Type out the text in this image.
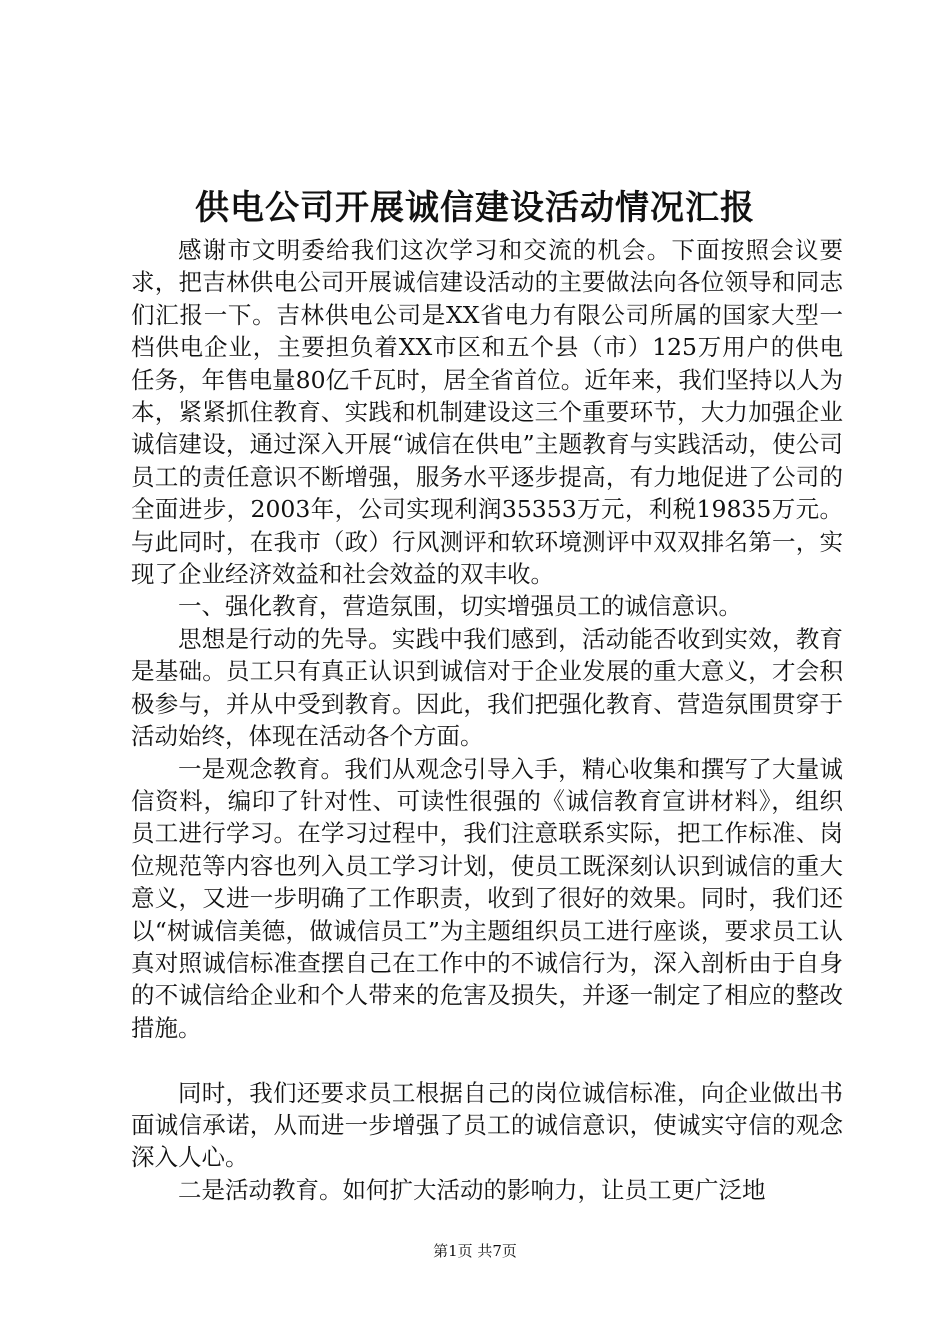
供电公司开展诚信建设活动情况汇报

感谢市文明委给我们这次学习和交流的机会。下面按照会议要求，把吉林供电公司开展诚信建设活动的主要做法向各位领导和同志们汇报一下。吉林供电公司是XX省电力有限公司所属的国家大型一档供电企业，主要担负着XX市区和五个县（市）125万用户的供电任务，年售电量80亿千瓦时，居全省首位。近年来，我们坚持以人为本，紧紧抓住教育、实践和机制建设这三个重要环节，大力加强企业诚信建设，通过深入开展“诚信在供电”主题教育与实践活动，使公司员工的责任意识不断增强，服务水平逐步提高，有力地促进了公司的全面进步，2003年，公司实现利润35353万元，利税19835万元。与此同时，在我市（政）行风测评和软环境测评中双双排名第一，实现了企业经济效益和社会效益的双丰收。

一、强化教育，营造氛围，切实增强员工的诚信意识。

思想是行动的先导。实践中我们感到，活动能否收到实效，教育是基础。员工只有真正认识到诚信对于企业发展的重大意义，才会积极参与，并从中受到教育。因此，我们把强化教育、营造氛围贯穿于活动始终，体现在活动各个方面。

一是观念教育。我们从观念引导入手，精心收集和撰写了大量诚信资料，编印了针对性、可读性很强的《诚信教育宣讲材料》，组织员工进行学习。在学习过程中，我们注意联系实际，把工作标准、岗位规范等内容也列入员工学习计划，使员工既深刻认识到诚信的重大意义，又进一步明确了工作职责，收到了很好的效果。同时，我们还以“树诚信美德，做诚信员工”为主题组织员工进行座谈，要求员工认真对照诚信标准查摆自己在工作中的不诚信行为，深入剖析由于自身的不诚信给企业和个人带来的危害及损失，并逐一制定了相应的整改措施。

同时，我们还要求员工根据自己的岗位诚信标准，向企业做出书面诚信承诺，从而进一步增强了员工的诚信意识，使诚实守信的观念深入人心。

二是活动教育。如何扩大活动的影响力，让员工更广泛地

第1页 共7页
